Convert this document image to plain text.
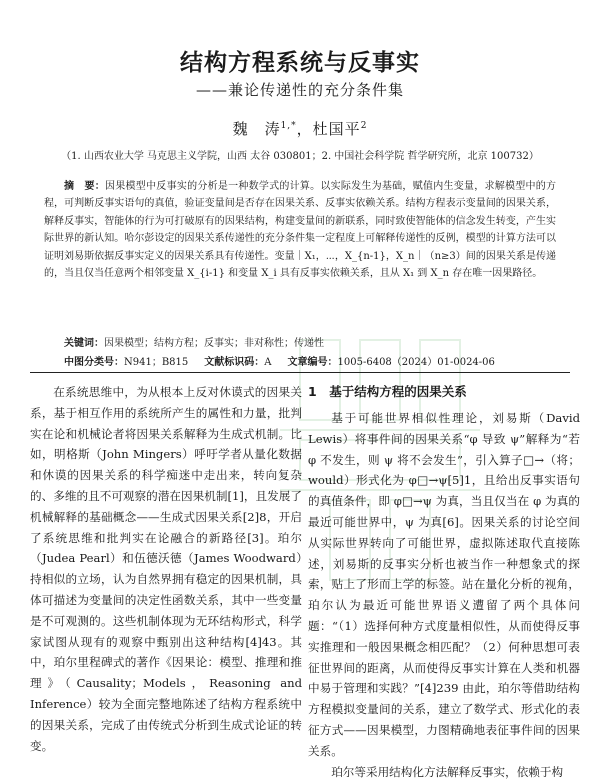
结构方程系统与反事实
——兼论传递性的充分条件集
魏　涛$^{1,*}$，杜国平$^2$
（1. 山西农业大学 马克思主义学院，山西 太谷 030801；2. 中国社会科学院 哲学研究所，北京 100732）
摘　要：因果模型中反事实的分析是一种数学式的计算。以实际发生为基础，赋值内生变量，求解模型中的方程，可判断反事实语句的真值，验证变量间是否存在因果关系、反事实依赖关系。结构方程表示变量间的因果关系，解释反事实，智能体的行为可打破原有的因果结构，构建变量间的新联系，同时致使智能体的信念发生转变，产生实际世界的新认知。哈尔彭设定的因果关系传递性的充分条件集一定程度上可解释传递性的反例，模型的计算方法可以证明刘易斯依据反事实定义的因果关系具有传递性。变量｜X₁，⋯，X_{n-1}，X_n｜（n≥3）间的因果关系是传递的，当且仅当任意两个相邻变量 X_{i-1} 和变量 X_i 具有反事实依赖关系，且从 X₁ 到 X_n 存在唯一因果路径。
关键词：因果模型；结构方程；反事实；非对称性；传递性
中图分类号：N941；B815 文献标识码：A 文章编号：1005-6408（2024）01-0024-06

在系统思维中，为从根本上反对休谟式的因果关系，基于相互作用的系统所产生的属性和力量，批判实在论和机械论者将因果关系解释为生成式机制。比如，明格斯（John Mingers）呼吁学者从量化数据和休谟的因果关系的科学痴迷中走出来，转向复杂的、多维的且不可观察的潜在因果机制[1]，且发展了机械解释的基础概念——生成式因果关系[2]8，开启了系统思维和批判实在论融合的新路径[3]。珀尔（Judea Pearl）和伍德沃德（James Woodward）持相似的立场，认为自然界拥有稳定的因果机制，具体可描述为变量间的决定性函数关系，其中一些变量是不可观测的。这些机制体现为无环结构形式，科学家试图从现有的观察中甄别出这种结构[4]43。其中，珀尔里程碑式的著作《因果论：模型、推理和推理》（Causality；Models，Reasoning and Inference）较为全面完整地陈述了结构方程系统中的因果关系，完成了由传统式分析到生成式论证的转变。

1　基于结构方程的因果关系

基于可能世界相似性理论，刘易斯（David Lewis）将事件间的因果关系“φ 导致 ψ”解释为“若 φ 不发生，则 ψ 将不会发生”，引入算子□→（将；would）形式化为 φ□→ψ[5]1，且给出反事实语句的真值条件，即 φ□→ψ 为真，当且仅当在 φ 为真的最近可能世界中，ψ 为真[6]。因果关系的讨论空间从实际世界转向了可能世界，虚拟陈述取代直接陈述，刘易斯的反事实分析也被当作一种想象式的探索，贴上了形而上学的标签。站在量化分析的视角，珀尔认为最近可能世界语义遭留了两个具体问题：“（1）选择何种方式度量相似性，从而使得反事实推理和一般因果概念相匹配？（2）何种思想可表征世界间的距离，从而使得反事实计算在人类和机器中易于管理和实践？”[4]239 由此，珀尔等借助结构方程模拟变量间的关系，建立了数学式、形式化的表征方式——因果模型，力图精确地表征事件间的因果关系。

珀尔等采用结构化方法解释反事实，依赖于构
